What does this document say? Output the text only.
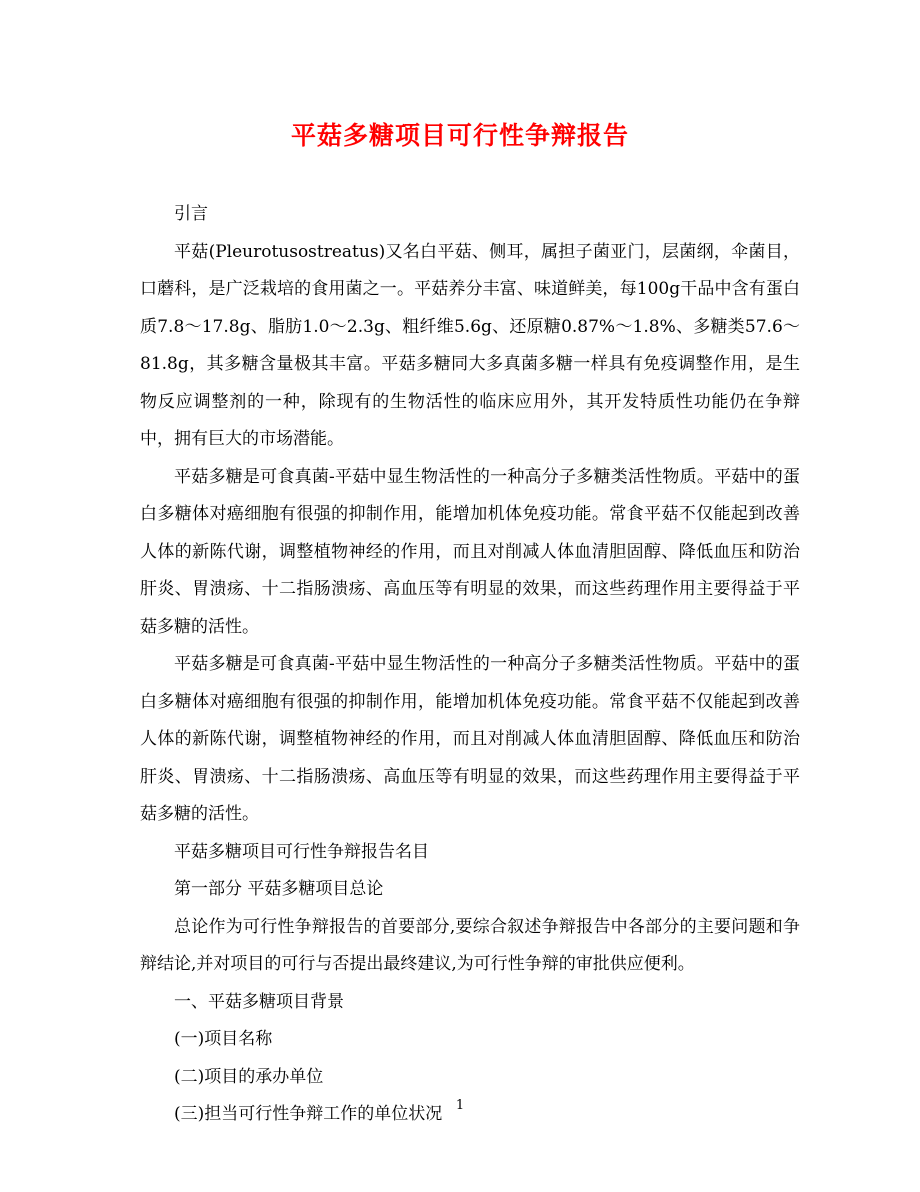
平菇多糖项目可行性争辩报告

引言

平菇(Pleurotusostreatus)又名白平菇、侧耳，属担子菌亚门，层菌纲，伞菌目，口蘑科，是广泛栽培的食用菌之一。平菇养分丰富、味道鲜美，每100g干品中含有蛋白质7.8～17.8g、脂肪1.0～2.3g、粗纤维5.6g、还原糖0.87%～1.8%、多糖类57.6～81.8g，其多糖含量极其丰富。平菇多糖同大多真菌多糖一样具有免疫调整作用，是生物反应调整剂的一种，除现有的生物活性的临床应用外，其开发特质性功能仍在争辩中，拥有巨大的市场潜能。

平菇多糖是可食真菌-平菇中显生物活性的一种高分子多糖类活性物质。平菇中的蛋白多糖体对癌细胞有很强的抑制作用，能增加机体免疫功能。常食平菇不仅能起到改善人体的新陈代谢，调整植物神经的作用，而且对削减人体血清胆固醇、降低血压和防治肝炎、胃溃疡、十二指肠溃疡、高血压等有明显的效果，而这些药理作用主要得益于平菇多糖的活性。

平菇多糖是可食真菌-平菇中显生物活性的一种高分子多糖类活性物质。平菇中的蛋白多糖体对癌细胞有很强的抑制作用，能增加机体免疫功能。常食平菇不仅能起到改善人体的新陈代谢，调整植物神经的作用，而且对削减人体血清胆固醇、降低血压和防治肝炎、胃溃疡、十二指肠溃疡、高血压等有明显的效果，而这些药理作用主要得益于平菇多糖的活性。

平菇多糖项目可行性争辩报告名目

第一部分 平菇多糖项目总论

总论作为可行性争辩报告的首要部分,要综合叙述争辩报告中各部分的主要问题和争辩结论,并对项目的可行与否提出最终建议,为可行性争辩的审批供应便利。

一、平菇多糖项目背景

(一)项目名称

(二)项目的承办单位

(三)担当可行性争辩工作的单位状况	1
